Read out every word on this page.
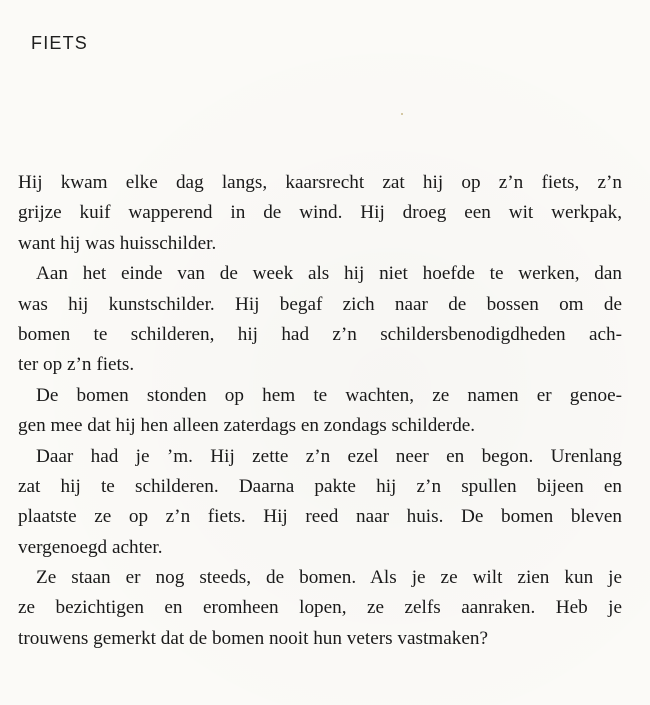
FIETS

Hij kwam elke dag langs, kaarsrecht zat hij op z’n fiets, z’n
grijze kuif wapperend in de wind. Hij droeg een wit werkpak,
want hij was huisschilder.

Aan het einde van de week als hij niet hoefde te werken, dan
was hij kunstschilder. Hij begaf zich naar de bossen om de
bomen te schilderen, hij had z’n schildersbenodigdheden ach-
ter op z’n fiets.

De bomen stonden op hem te wachten, ze namen er genoe-
gen mee dat hij hen alleen zaterdags en zondags schilderde.

Daar had je ’m. Hij zette z’n ezel neer en begon. Urenlang
zat hij te schilderen. Daarna pakte hij z’n spullen bijeen en
plaatste ze op z’n fiets. Hij reed naar huis. De bomen bleven
vergenoegd achter.

Ze staan er nog steeds, de bomen. Als je ze wilt zien kun je
ze bezichtigen en eromheen lopen, ze zelfs aanraken. Heb je
trouwens gemerkt dat de bomen nooit hun veters vastmaken?
